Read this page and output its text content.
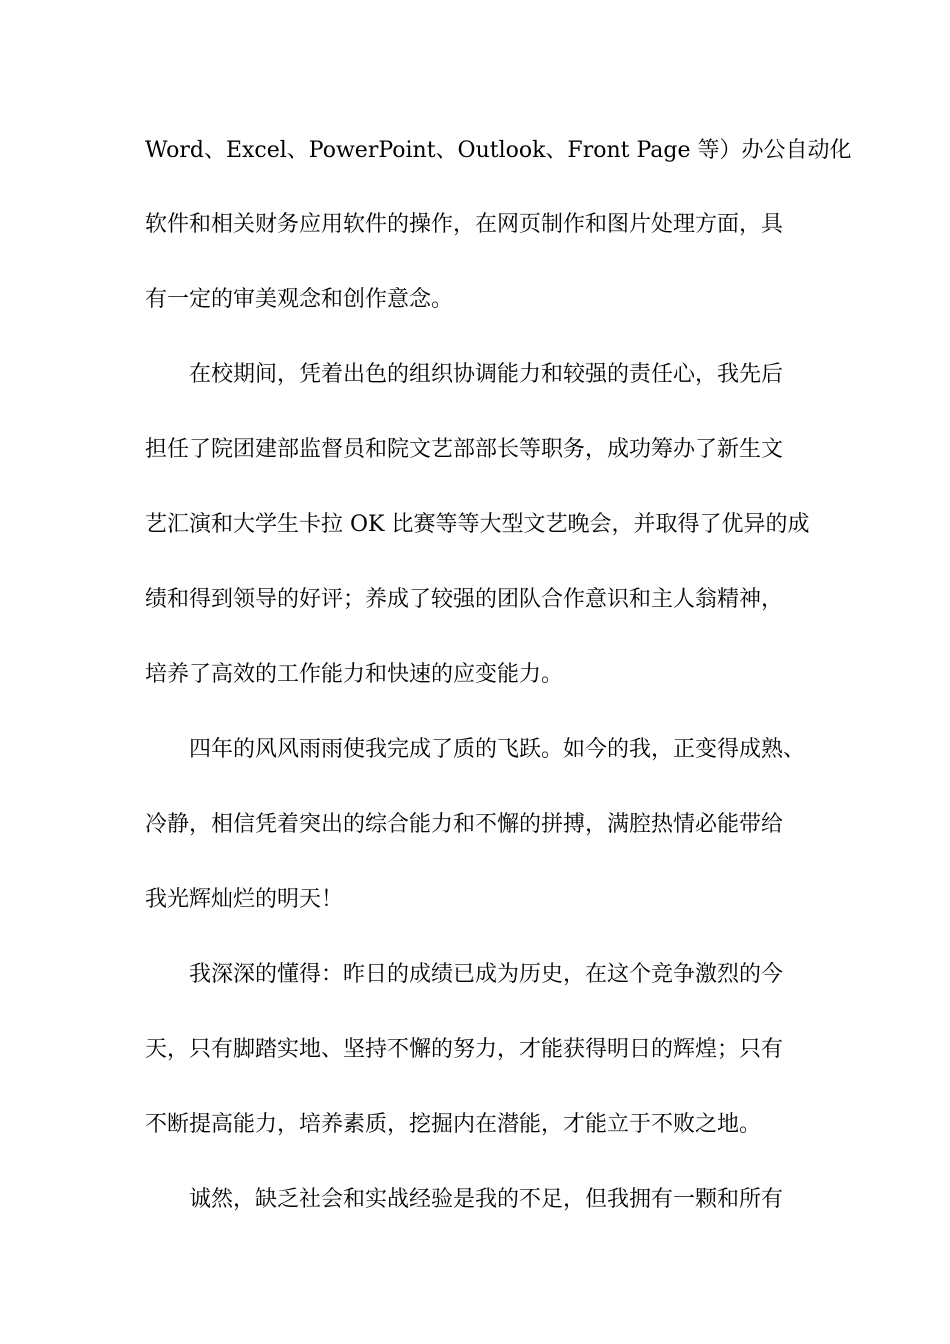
Word、Excel、PowerPoint、Outlook、Front Page 等）办公自动化
软件和相关财务应用软件的操作，在网页制作和图片处理方面，具
有一定的审美观念和创作意念。
在校期间，凭着出色的组织协调能力和较强的责任心，我先后
担任了院团建部监督员和院文艺部部长等职务，成功筹办了新生文
艺汇演和大学生卡拉 OK 比赛等等大型文艺晚会，并取得了优异的成
绩和得到领导的好评；养成了较强的团队合作意识和主人翁精神，
培养了高效的工作能力和快速的应变能力。
四年的风风雨雨使我完成了质的飞跃。如今的我，正变得成熟、
冷静，相信凭着突出的综合能力和不懈的拼搏，满腔热情必能带给
我光辉灿烂的明天！
我深深的懂得：昨日的成绩已成为历史，在这个竞争激烈的今
天，只有脚踏实地、坚持不懈的努力，才能获得明日的辉煌；只有
不断提高能力，培养素质，挖掘内在潜能，才能立于不败之地。
诚然，缺乏社会和实战经验是我的不足，但我拥有一颗和所有
